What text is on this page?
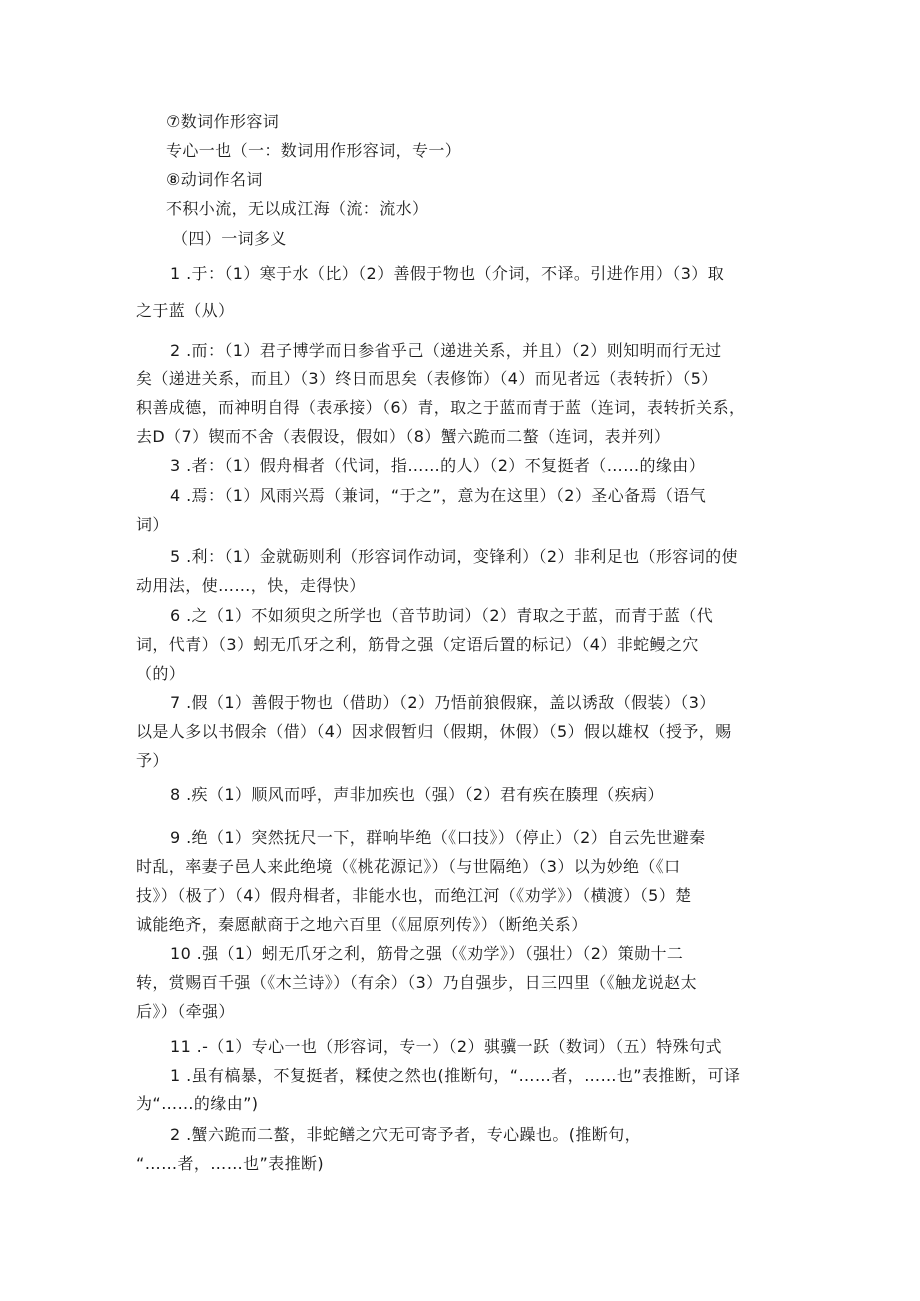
⑦数词作形容词
专心一也（一：数词用作形容词，专一）
⑧动词作名词
不积小流，无以成江海（流：流水）
（四）一词多义
1 .于：（1）寒于水（比）（2）善假于物也（介词，不译。引进作用）（3）取
之于蓝（从）
2 .而：（1）君子博学而日参省乎己（递进关系，并且）（2）则知明而行无过
矣（递进关系，而且）（3）终日而思矣（表修饰）（4）而见者远（表转折）（5）
积善成德，而神明自得（表承接）（6）青，取之于蓝而青于蓝（连词，表转折关系，
去D（7）锲而不舍（表假设，假如）（8）蟹六跪而二螯（连词，表并列）
3 .者：（1）假舟楫者（代词，指……的人）（2）不复挺者（……的缘由）
4 .焉：（1）风雨兴焉（兼词，“于之”，意为在这里）（2）圣心备焉（语气
词）
5 .利：（1）金就砺则利（形容词作动词，变锋利）（2）非利足也（形容词的使
动用法，使……，快，走得快）
6 .之（1）不如须臾之所学也（音节助词）（2）青取之于蓝，而青于蓝（代
词，代青）（3）蚓无爪牙之利，筋骨之强（定语后置的标记）（4）非蛇鳗之穴
（的）
7 .假（1）善假于物也（借助）（2）乃悟前狼假寐，盖以诱敌（假装）（3）
以是人多以书假余（借）（4）因求假暂归（假期，休假）（5）假以雄权（授予，赐
予）
8 .疾（1）顺风而呼，声非加疾也（强）（2）君有疾在腠理（疾病）
9 .绝（1）突然抚尺一下，群响毕绝（《口技》）（停止）（2）自云先世避秦
时乱，率妻子邑人来此绝境（《桃花源记》）（与世隔绝）（3）以为妙绝（《口
技》）（极了）（4）假舟楫者，非能水也，而绝江河（《劝学》）（横渡）（5）楚
诚能绝齐，秦愿献商于之地六百里（《屈原列传》）（断绝关系）
10 .强（1）蚓无爪牙之利，筋骨之强（《劝学》）（强壮）（2）策勋十二
转，赏赐百千强（《木兰诗》）（有余）（3）乃自强步，日三四里（《触龙说赵太
后》）（牵强）
11 .-（1）专心一也（形容词，专一）（2）骐骥一跃（数词）（五）特殊句式
1 .虽有槁暴，不复挺者，糅使之然也(推断句，“……者，……也”表推断，可译
为“……的缘由”)
2 .蟹六跪而二螯，非蛇鳝之穴无可寄予者，专心躁也。(推断句，
“……者，……也”表推断)
